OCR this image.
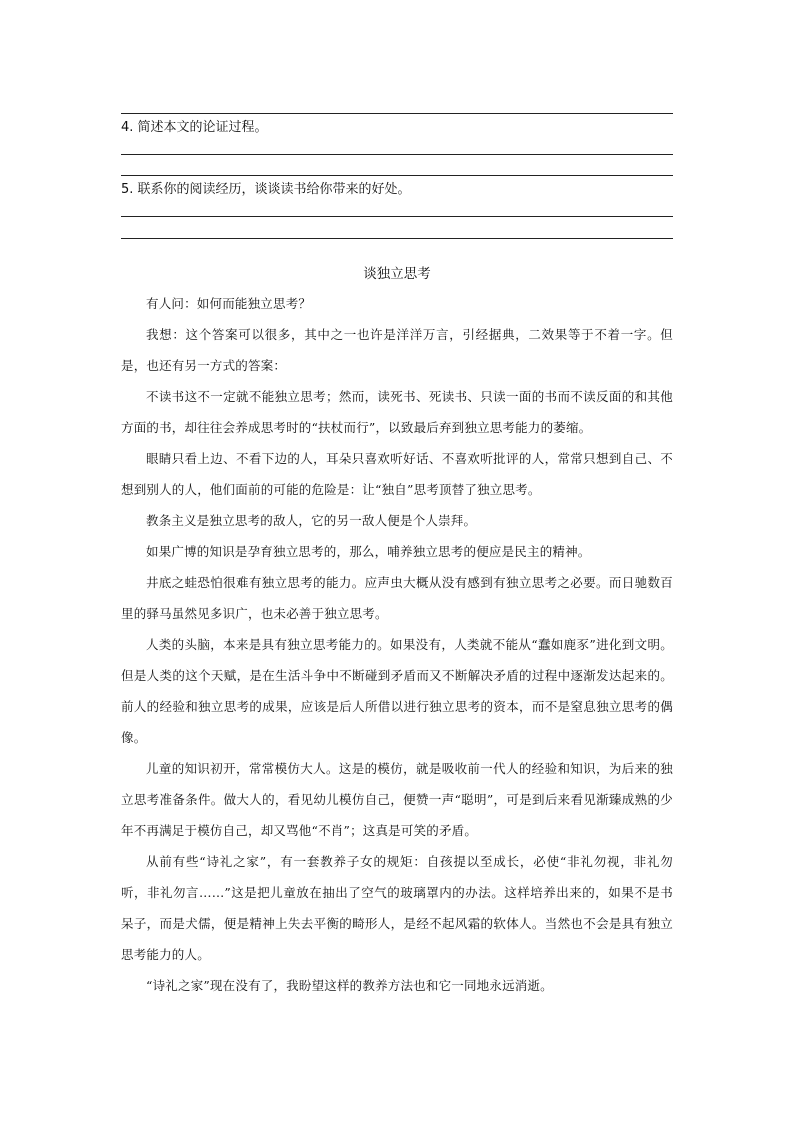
4. 简述本文的论证过程。
5. 联系你的阅读经历，谈谈读书给你带来的好处。
谈独立思考

有人问：如何而能独立思考？

我想：这个答案可以很多，其中之一也许是洋洋万言，引经据典，二效果等于不着一字。但是，也还有另一方式的答案：

不读书这不一定就不能独立思考；然而，读死书、死读书、只读一面的书而不读反面的和其他方面的书，却往往会养成思考时的“扶杖而行”，以致最后弃到独立思考能力的萎缩。

眼睛只看上边、不看下边的人，耳朵只喜欢听好话、不喜欢听批评的人，常常只想到自己、不想到别人的人，他们面前的可能的危险是：让“独自”思考顶替了独立思考。

教条主义是独立思考的敌人，它的另一敌人便是个人崇拜。

如果广博的知识是孕育独立思考的，那么，哺养独立思考的便应是民主的精神。

井底之蛙恐怕很难有独立思考的能力。应声虫大概从没有感到有独立思考之必要。而日驰数百里的驿马虽然见多识广，也未必善于独立思考。

人类的头脑，本来是具有独立思考能力的。如果没有，人类就不能从“蠢如鹿豕”进化到文明。但是人类的这个天赋，是在生活斗争中不断碰到矛盾而又不断解决矛盾的过程中逐渐发达起来的。前人的经验和独立思考的成果，应该是后人所借以进行独立思考的资本，而不是窒息独立思考的偶像。

儿童的知识初开，常常模仿大人。这是的模仿，就是吸收前一代人的经验和知识，为后来的独立思考准备条件。做大人的，看见幼儿模仿自己，便赞一声“聪明”，可是到后来看见渐臻成熟的少年不再满足于模仿自己，却又骂他“不肖”；这真是可笑的矛盾。

从前有些“诗礼之家”，有一套教养子女的规矩：自孩提以至成长，必使“非礼勿视，非礼勿听，非礼勿言……”这是把儿童放在抽出了空气的玻璃罩内的办法。这样培养出来的，如果不是书呆子，而是犬儒，便是精神上失去平衡的畸形人，是经不起风霜的软体人。当然也不会是具有独立思考能力的人。

“诗礼之家”现在没有了，我盼望这样的教养方法也和它一同地永远消逝。
